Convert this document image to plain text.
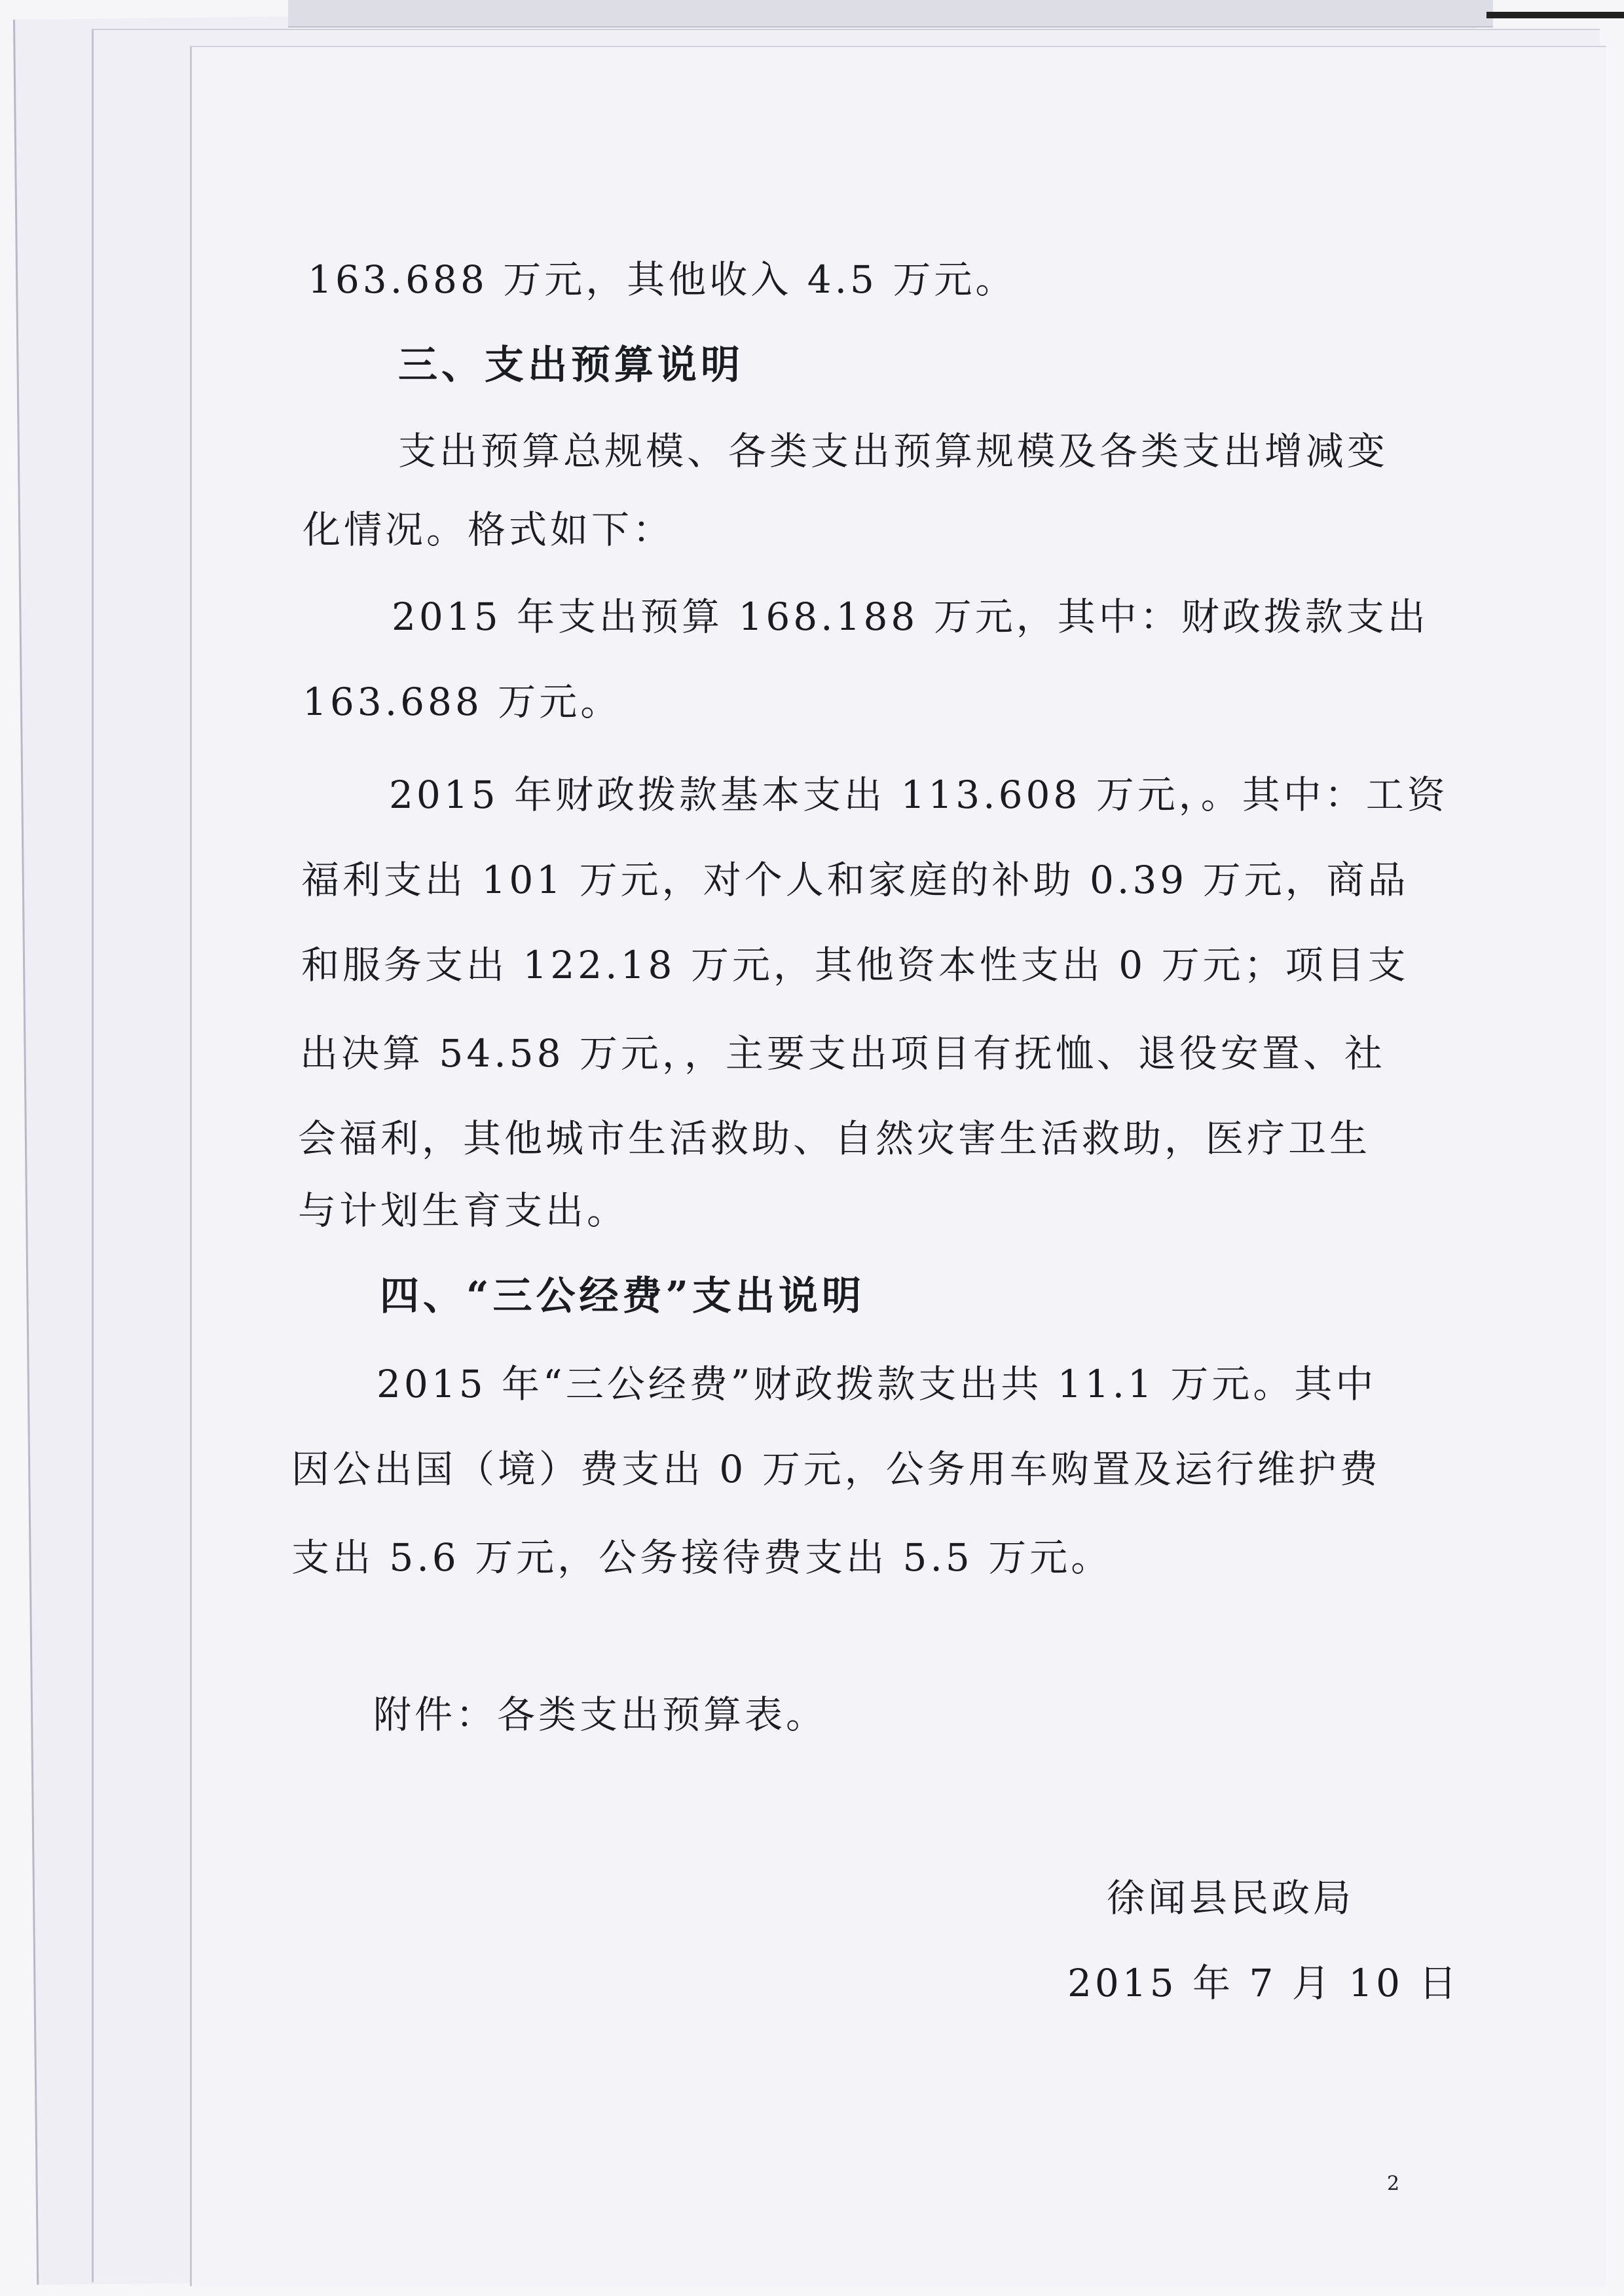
163.688 万元，其他收入 4.5 万元。
三、支出预算说明
支出预算总规模、各类支出预算规模及各类支出增减变
化情况。格式如下：
2015 年支出预算 168.188 万元，其中：财政拨款支出
163.688 万元。
2015 年财政拨款基本支出 113.608 万元，。其中：工资
福利支出 101 万元，对个人和家庭的补助 0.39 万元，商品
和服务支出 122.18 万元，其他资本性支出 0 万元；项目支
出决算 54.58 万元，，主要支出项目有抚恤、退役安置、社
会福利，其他城市生活救助、自然灾害生活救助，医疗卫生
与计划生育支出。
四、“三公经费”支出说明
2015 年“三公经费”财政拨款支出共 11.1 万元。其中
因公出国（境）费支出 0 万元，公务用车购置及运行维护费
支出 5.6 万元，公务接待费支出 5.5 万元。
附件：各类支出预算表。
徐闻县民政局
2015 年 7 月 10 日
2
